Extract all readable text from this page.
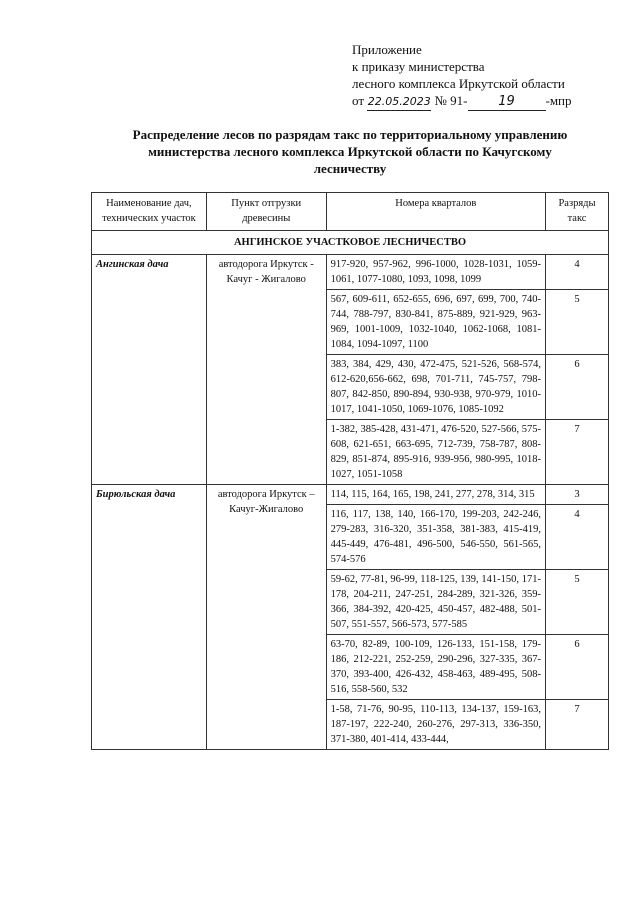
Приложение
к приказу министерства
лесного комплекса Иркутской области
от 22.05.2023 № 91- 19 -мпр
Распределение лесов по разрядам такс по территориальному управлению
министерства лесного комплекса Иркутской области по Качугскому
лесничеству
Наименование дач, технических участок	Пункт отгрузки древесины	Номера кварталов	Разряды такс
АНГИНСКОЕ УЧАСТКОВОЕ ЛЕСНИЧЕСТВО			
Ангинская дача	автодорога Иркутск - Качуг - Жигалово	917-920, 957-962, 996-1000, 1028-1031, 1059-1061, 1077-1080, 1093, 1098, 1099	4
		567, 609-611, 652-655, 696, 697, 699, 700, 740-744, 788-797, 830-841, 875-889, 921-929, 963-969, 1001-1009, 1032-1040, 1062-1068, 1081-1084, 1094-1097, 1100	5
		383, 384, 429, 430, 472-475, 521-526, 568-574, 612-620,656-662, 698, 701-711, 745-757, 798-807, 842-850, 890-894, 930-938, 970-979, 1010-1017, 1041-1050, 1069-1076, 1085-1092	6
		1-382, 385-428, 431-471, 476-520, 527-566, 575-608, 621-651, 663-695, 712-739, 758-787, 808-829, 851-874, 895-916, 939-956, 980-995, 1018-1027, 1051-1058	7
Бирюльская дача	автодорога Иркутск – Качуг-Жигалово	114, 115, 164, 165, 198, 241, 277, 278, 314, 315	3
		116, 117, 138, 140, 166-170, 199-203, 242-246, 279-283, 316-320, 351-358, 381-383, 415-419, 445-449, 476-481, 496-500, 546-550, 561-565, 574-576	4
		59-62, 77-81, 96-99, 118-125, 139, 141-150, 171-178, 204-211, 247-251, 284-289, 321-326, 359-366, 384-392, 420-425, 450-457, 482-488, 501-507, 551-557, 566-573, 577-585	5
		63-70, 82-89, 100-109, 126-133, 151-158, 179-186, 212-221, 252-259, 290-296, 327-335, 367-370, 393-400, 426-432, 458-463, 489-495, 508-516, 558-560, 532	6
		1-58, 71-76, 90-95, 110-113, 134-137, 159-163, 187-197, 222-240, 260-276, 297-313, 336-350, 371-380, 401-414, 433-444,	7
